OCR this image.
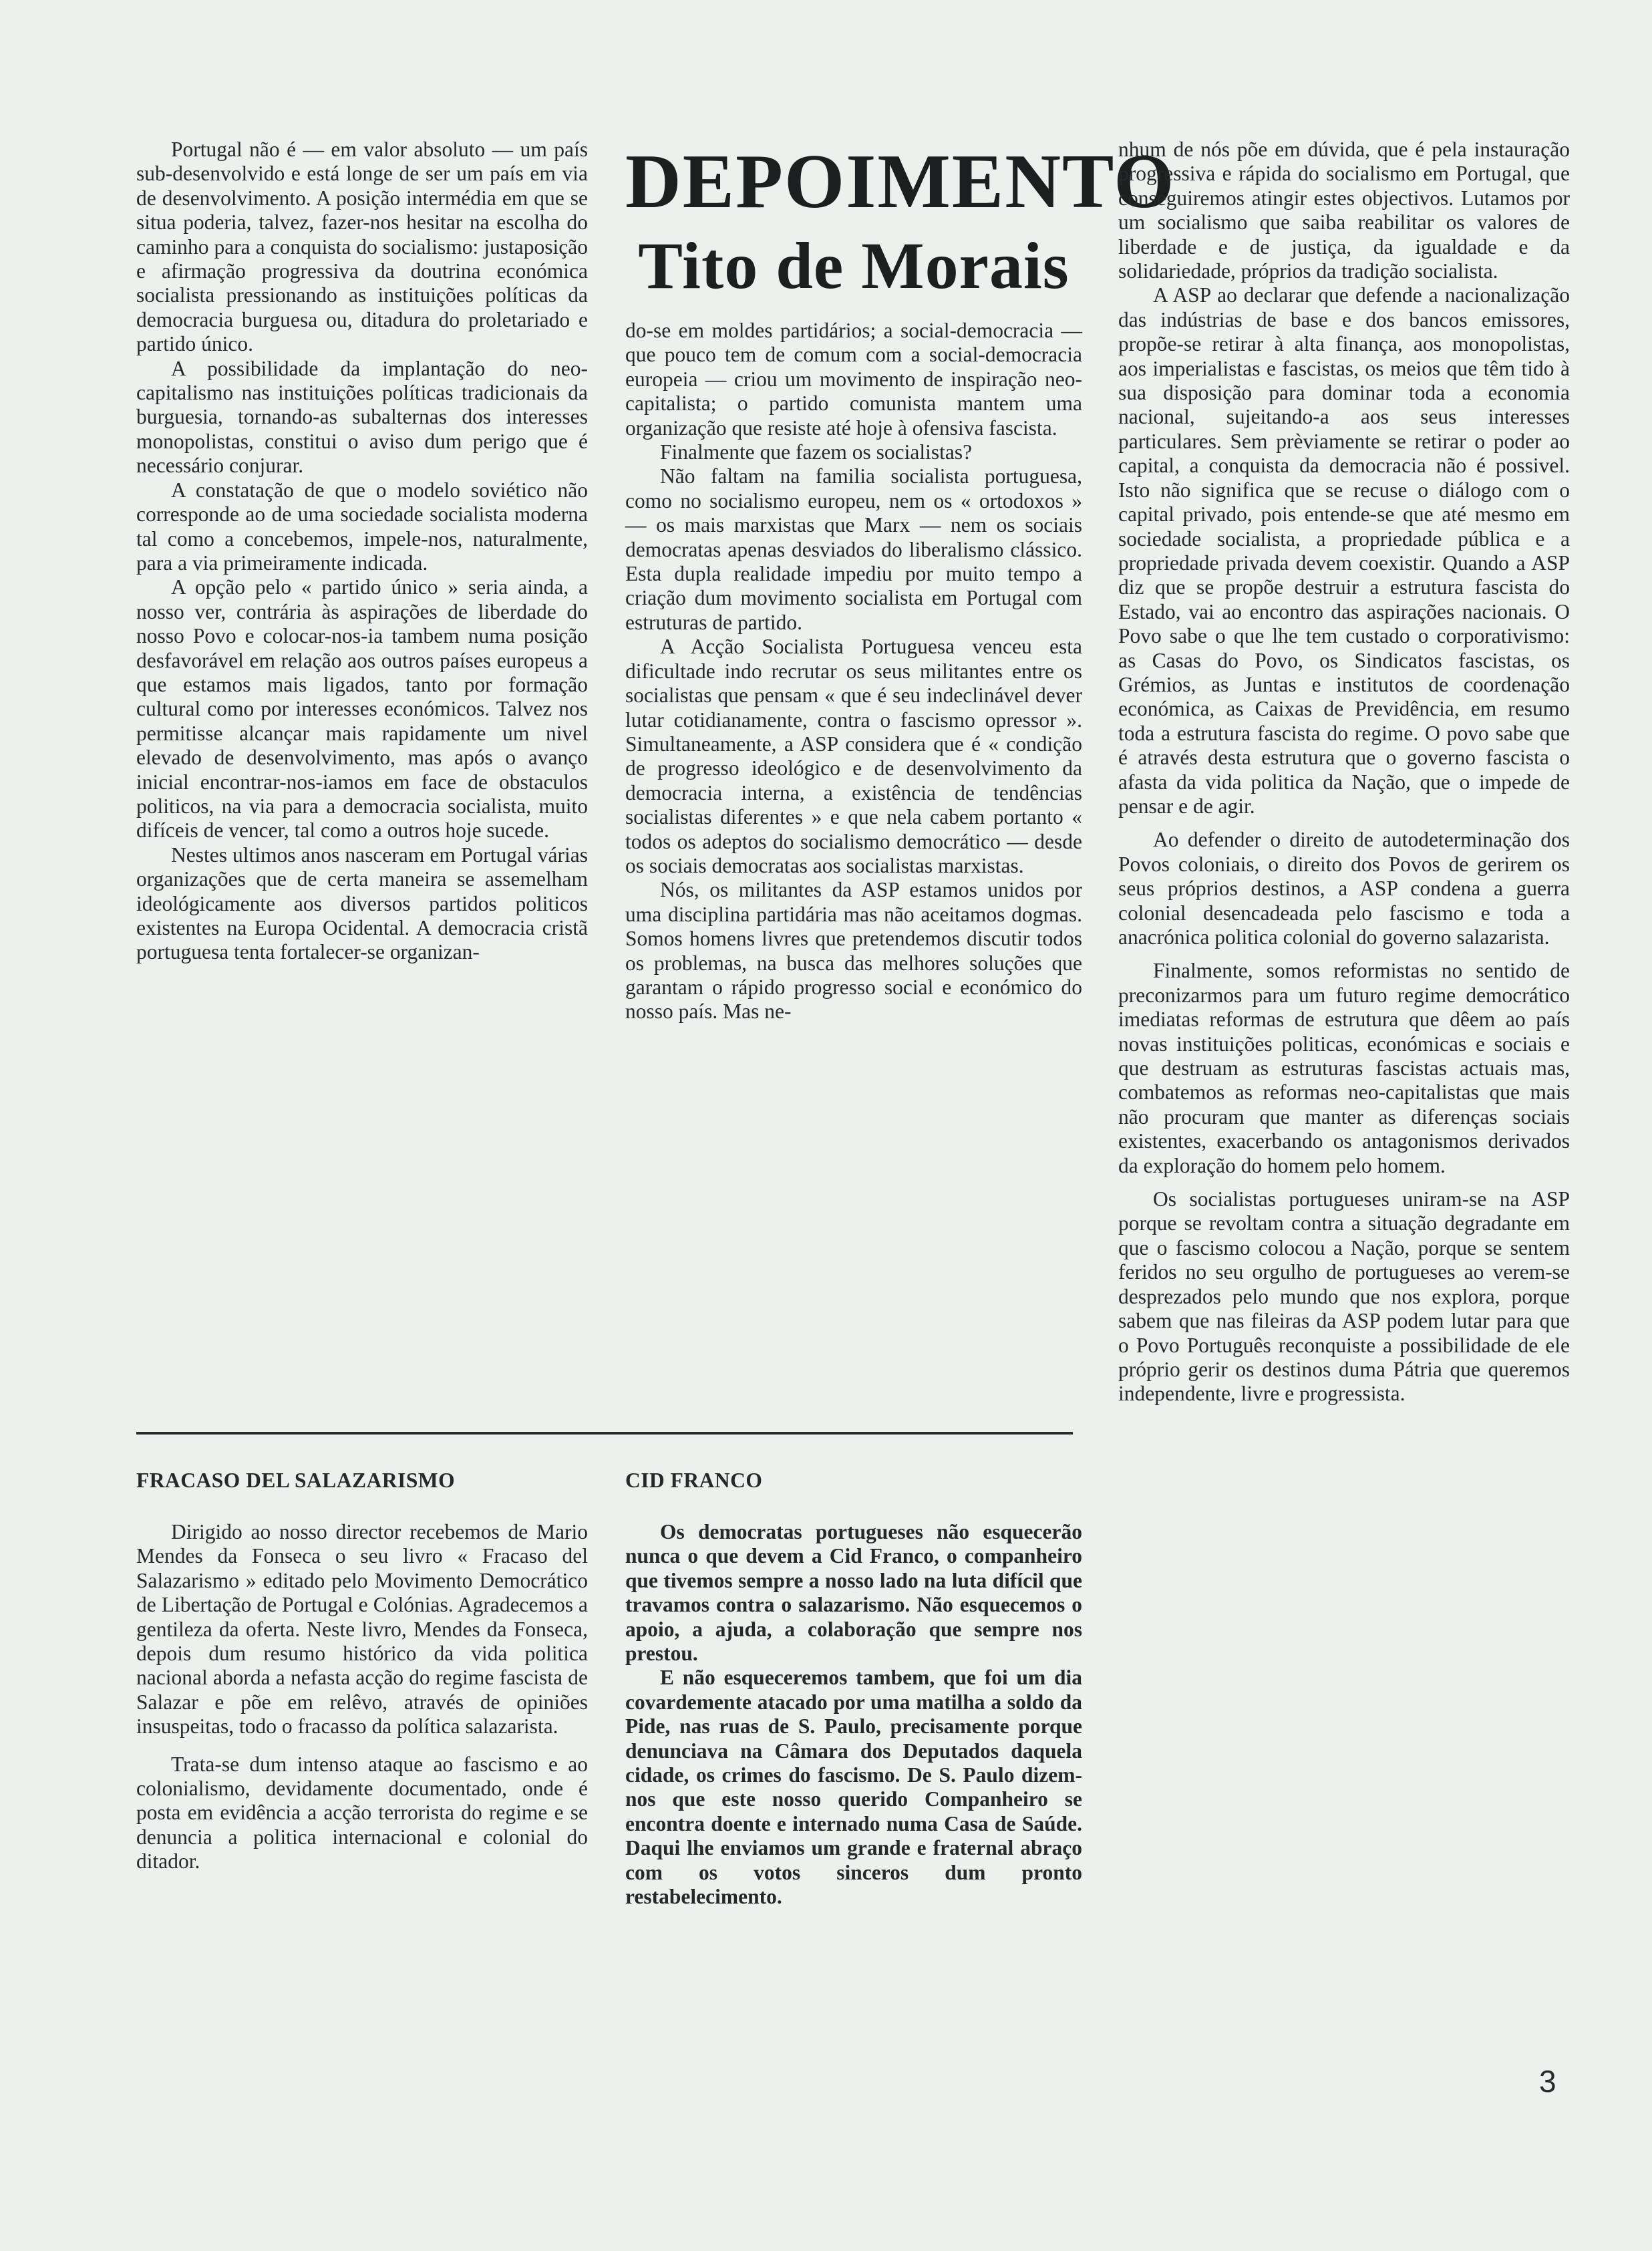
DEPOIMENTO
Tito de Morais

Portugal não é — em valor absoluto — um país sub-desenvolvido e está longe de ser um país em via de desenvolvimento. A posição intermédia em que se situa poderia, talvez, fazer-nos hesitar na escolha do caminho para a conquista do socialismo: justaposição e afirmação progressiva da doutrina económica socialista pressionando as instituições políticas da democracia burguesa ou, ditadura do proletariado e partido único.

A possibilidade da implantação do neo-capitalismo nas instituições políticas tradicionais da burguesia, tornando-as subalternas dos interesses monopolistas, constitui o aviso dum perigo que é necessário conjurar.

A constatação de que o modelo soviético não corresponde ao de uma sociedade socialista moderna tal como a concebemos, impele-nos, naturalmente, para a via primeiramente indicada.

A opção pelo « partido único » seria ainda, a nosso ver, contrária às aspirações de liberdade do nosso Povo e colocar-nos-ia tambem numa posição desfavorável em relação aos outros países europeus a que estamos mais ligados, tanto por formação cultural como por interesses económicos. Talvez nos permitisse alcançar mais rapidamente um nivel elevado de desenvolvimento, mas após o avanço inicial encontrar-nos-iamos em face de obstaculos politicos, na via para a democracia socialista, muito difíceis de vencer, tal como a outros hoje sucede.

Nestes ultimos anos nasceram em Portugal várias organizações que de certa maneira se assemelham ideológicamente aos diversos partidos politicos existentes na Europa Ocidental. A democracia cristã portuguesa tenta fortalecer-se organizan-

do-se em moldes partidários; a social-democracia — que pouco tem de comum com a social-democracia europeia — criou um movimento de inspiração neo-capitalista; o partido comunista mantem uma organização que resiste até hoje à ofensiva fascista.

Finalmente que fazem os socialistas?

Não faltam na familia socialista portuguesa, como no socialismo europeu, nem os « ortodoxos » — os mais marxistas que Marx — nem os sociais democratas apenas desviados do liberalismo clássico. Esta dupla realidade impediu por muito tempo a criação dum movimento socialista em Portugal com estruturas de partido.

A Acção Socialista Portuguesa venceu esta dificultade indo recrutar os seus militantes entre os socialistas que pensam « que é seu indeclinável dever lutar cotidianamente, contra o fascismo opressor ». Simultaneamente, a ASP considera que é « condição de progresso ideológico e de desenvolvimento da democracia interna, a existência de tendências socialistas diferentes » e que nela cabem portanto « todos os adeptos do socialismo democrático — desde os sociais democratas aos socialistas marxistas.

Nós, os militantes da ASP estamos unidos por uma disciplina partidária mas não aceitamos dogmas. Somos homens livres que pretendemos discutir todos os problemas, na busca das melhores soluções que garantam o rápido progresso social e económico do nosso país. Mas ne-

nhum de nós põe em dúvida, que é pela instauração progressiva e rápida do socialismo em Portugal, que conseguiremos atingir estes objectivos. Lutamos por um socialismo que saiba reabilitar os valores de liberdade e de justiça, da igualdade e da solidariedade, próprios da tradição socialista.

A ASP ao declarar que defende a nacionalização das indústrias de base e dos bancos emissores, propõe-se retirar à alta finança, aos monopolistas, aos imperialistas e fascistas, os meios que têm tido à sua disposição para dominar toda a economia nacional, sujeitando-a aos seus interesses particulares. Sem prèviamente se retirar o poder ao capital, a conquista da democracia não é possivel. Isto não significa que se recuse o diálogo com o capital privado, pois entende-se que até mesmo em sociedade socialista, a propriedade pública e a propriedade privada devem coexistir. Quando a ASP diz que se propõe destruir a estrutura fascista do Estado, vai ao encontro das aspirações nacionais. O Povo sabe o que lhe tem custado o corporativismo: as Casas do Povo, os Sindicatos fascistas, os Grémios, as Juntas e institutos de coordenação económica, as Caixas de Previdência, em resumo toda a estrutura fascista do regime. O povo sabe que é através desta estrutura que o governo fascista o afasta da vida politica da Nação, que o impede de pensar e de agir.

Ao defender o direito de autodeterminação dos Povos coloniais, o direito dos Povos de gerirem os seus próprios destinos, a ASP condena a guerra colonial desencadeada pelo fascismo e toda a anacrónica politica colonial do governo salazarista.

Finalmente, somos reformistas no sentido de preconizarmos para um futuro regime democrático imediatas reformas de estrutura que dêem ao país novas instituições politicas, económicas e sociais e que destruam as estruturas fascistas actuais mas, combatemos as reformas neo-capitalistas que mais não procuram que manter as diferenças sociais existentes, exacerbando os antagonismos derivados da exploração do homem pelo homem.

Os socialistas portugueses uniram-se na ASP porque se revoltam contra a situação degradante em que o fascismo colocou a Nação, porque se sentem feridos no seu orgulho de portugueses ao verem-se desprezados pelo mundo que nos explora, porque sabem que nas fileiras da ASP podem lutar para que o Povo Português reconquiste a possibilidade de ele próprio gerir os destinos duma Pátria que queremos independente, livre e progressista.

FRACASO DEL SALAZARISMO

Dirigido ao nosso director recebemos de Mario Mendes da Fonseca o seu livro « Fracaso del Salazarismo » editado pelo Movimento Democrático de Libertação de Portugal e Colónias. Agradecemos a gentileza da oferta. Neste livro, Mendes da Fonseca, depois dum resumo histórico da vida politica nacional aborda a nefasta acção do regime fascista de Salazar e põe em relêvo, através de opiniões insuspeitas, todo o fracasso da política salazarista.

Trata-se dum intenso ataque ao fascismo e ao colonialismo, devidamente documentado, onde é posta em evidência a acção terrorista do regime e se denuncia a politica internacional e colonial do ditador.

CID FRANCO

Os democratas portugueses não esquecerão nunca o que devem a Cid Franco, o companheiro que tivemos sempre a nosso lado na luta difícil que travamos contra o salazarismo. Não esquecemos o apoio, a ajuda, a colaboração que sempre nos prestou.

E não esqueceremos tambem, que foi um dia covardemente atacado por uma matilha a soldo da Pide, nas ruas de S. Paulo, precisamente porque denunciava na Câmara dos Deputados daquela cidade, os crimes do fascismo. De S. Paulo dizem-nos que este nosso querido Companheiro se encontra doente e internado numa Casa de Saúde. Daqui lhe enviamos um grande e fraternal abraço com os votos sinceros dum pronto restabelecimento.

3
